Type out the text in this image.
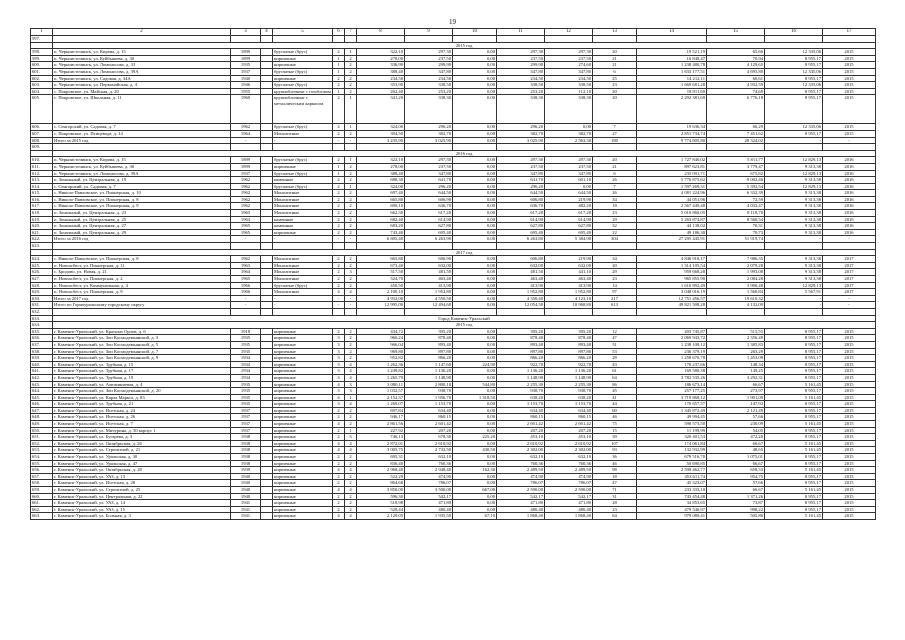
19
1	2	3	4	5	6	7	8	9	10	11	12	13	14	15	16	17
597.																
	2015 год															
598.	п. Черноисточинск, ул. Кирова, д. 15	1899		брусчатые (брус)	2	1	322,10	297,30	0,00	297,30	297,30	20	19 521,19	65,66	12 335,06	2015
599.	п. Черноисточинск, ул. Куйбышева, д. 30	1899		кирпичные	1	2	278,00	237,50	0,00	237,50	237,50	21	16 848,47	70,94	8 955,17	2015
600.	п. Черноисточинск, ул. Ломоносова, д. 33	1935		кирпичные	1	2	336,90	299,90	0,00	299,90	274,60	21	1 238 480,78	4 129,65	8 955,17	2015
601.	п. Черноисточинск, ул. Ломоносова, д. 39А	1937		брусчатые (брус)	1	2	388,40	347,80	0,00	347,80	347,80	6	1 633 177,51	4 695,80	12 335,06	2015
602.	п. Черноисточинск, ул. Садовая, д. 34А	1940		кирпичные	2	2	234,50	234,50	0,00	234,50	234,50	25	14 212,11	60,61	8 955,17	2015
603.	п. Черноисточинск, ул. Первомайская, д. 4	1946		брусчатые (брус)	2	2	353,90	338,50	0,00	338,50	338,50	23	1 669 681,28	4 932,59	12 335,06	2015
604.	с. Покровское, ул. Майская, д. 20	1955		крупноблочные с газоблоком	1	2	262,40	253,20	0,00	253,20	112,10	20	18 911,69	74,69	8 955,17	2015
605.	с. Покровское, ул. Школьная, д. 11	1960		крупноблочные с металлическим каркасом	2	1	341,20	338,30	0,00	338,30	338,30	20	2 292 381,69	6 776,18	8 955,17	2015
606.	с. Сенгорский, ул. Садовая, д. 7	1962		брусчатые (брус)	2	1	324,00	296,20	0,00	296,20	0,00	7	19 636,34	66,29	12 335,06	2015
607.	с. Покровское, ул. Птицевода, д. 14	1964		Монолитные	2	2	394,50	382,70	0,00	382,70	382,70	27	2 851 734,74	7 451,62	8 955,17	2015
608.	Итого за 2015 год	-		-	-	-	3 235,90	3 025,90	0,00	3 025,90	2 563,30	180	9 774 605,80	28 324,02	-	-
609.																
	2016 год															
610.	п. Черноисточинск, ул. Кирова, д. 15	1899		брусчатые (брус)	2	1	322,10	297,30	0,00	297,30	297,30	20	1 727 840,02	5 811,77	12 829,13	2016
611.	п. Черноисточинск, ул. Куйбышева, д. 30	1899		кирпичные	1	2	278,00	237,50	0,00	237,50	237,50	21	897 623,81	3 779,47	9 313,38	2016
612.	п. Черноисточинск, ул. Ломоносова, д. 39А	1937		брусчатые (брус)	1	2	388,40	347,80	0,00	347,80	347,80	6	235 091,71	675,82	12 829,13	2016
613.	п. Зональный, ул. Центральная, д. 19	1962		каменные	2	2	688,30	641,70	0,00	641,70	601,10	26	5 776 875,62	9 002,46	9 313,38	2016
614.	с. Сенгорский, ул. Садовая, д. 7	1962		брусчатые (брус)	2	1	324,00	296,20	0,00	296,20	0,00	7	1 597 269,31	5 392,54	12 829,13	2016
615.	с. Николо-Павловское, ул. Пионерская, д. 10	1962		Монолитные	2	2	697,40	644,50	0,00	644,50	644,50	26	4 081 224,96	6 332,39	9 313,38	2016
616.	с. Николо-Павловское, ул. Пионерская, д. 8	1962		Монолитные	2	2	665,80	606,90	0,00	606,80	219,90	34	44 051,96	72,59	9 313,38	2016
617.	с. Николо-Павловское, ул. Пионерская, д. 9	1962		Монолитные	2	2	690,10	636,70	0,00	636,70	482,20	18	2 567 449,48	4 032,47	9 313,38	2016
618.	п. Зональный, ул. Центральная, д. 23	1963		Монолитные	2	2	662,30	617,20	0,00	617,20	617,20	23	5 010 860,05	8 118,70	9 313,38	2016
619.	п. Зональный, ул. Центральная, д. 25	1964		каменные	2	2	682,40	614,90	0,00	614,90	614,90	29	5 263 874,87	8 560,54	9 313,38	2016
620.	п. Зональный, ул. Центральная, д. 27	1965		каменные	2	2	683,20	627,80	0,00	627,80	627,80	32	44 138,02	70,31	9 313,38	2016
621.	п. Зональный, ул. Центральная, д. 29	1965		кирпичные	2	2	743,40	695,40	0,00	695,40	695,40	22	49 186,30	70,73	9 313,38	2016
622.	Итого за 2016 год	-		-	-	-	6 805,40	6 263,90	0,00	6 263,80	5 384,90	304	27 295 445,91	51 919,74	-	-
623.																
	2017 год															
624.	с. Николо-Павловское, ул. Пионерская, д. 8	1962		Монолитные	2	2	665,80	606,90	0,00	606,80	219,90	34	4 846 918,17	7 986,35	9 313,38	2017
625.	п. Новоасбест, ул. Пионерская, д. 11	1963		Монолитные	2	2	673,40	632,00	0,00	632,00	632,00	20	1 314 105,54	2 079,28	9 313,38	2017
626.	с. Бродово, ул. Новая, д. 21	1964		Монолитные	2	3	517,50	481,50	0,00	481,50	441,10	29	959 668,28	1 993,08	9 313,38	2017
627.	п. Новоасбест, ул. Пионерская, д. 2	1965		Монолитные	2	2	524,70	463,40	0,00	463,40	463,40	23	965 855,90	2 084,28	9 313,38	2017
628.	п. Новоасбест, ул. Коммунальная, д. 4	1966		брусчатые (брус)	2	2	450,50	413,90	0,00	413,90	413,90	14	1 616 892,49	3 906,48	12 829,13	2017
629.	п. Новоасбест, ул. Пионерская, д. 9	1966		Монолитные	4	4	2 100,10	1 952,80	0,00	1 952,80	1 952,80	97	3 048 016,19	1 560,84	5 567,91	2017
630.	Итого за 2017 год	-		-	-	-	4 932,00	4 550,50	0,00	4 550,40	4 123,10	217	12 751 456,57	19 610,32	-	-
631.	Итого по Горноуральскому городскому округу	-		-	-	-	12 995,00	12 494,60	0,00	12 054,50	10 968,80	613	49 821 508,28	4 132,09	-	-
632.																
633.	Город Каменск-Уральский															
634.	2015 год															
635.	г. Каменск-Уральский, ул. Красных Орлов, д. 6	1918		кирпичные	2	2	434,72	395,20	0,00	395,20	395,20	12	203 745,87	515,55	8 955,17	2015
636.	г. Каменск-Уральский, ул. Зои Космодемьянской, д. 3	1935		кирпичные	3	2	966,24	878,40	0,00	878,40	878,40	47	2 069 943,72	2 356,49	8 955,17	2015
637.	г. Каменск-Уральский, ул. Зои Космодемьянской, д. 5	1935		кирпичные	3	2	966,04	893,40	0,00	893,40	893,40	51	1 238 108,12	1 385,83	8 955,17	2015
638.	г. Каменск-Уральский, ул. Зои Космодемьянской, д. 7	1935		кирпичные	3	2	969,80	897,80	0,00	897,80	897,80	53	236 379,19	263,29	8 955,17	2015
639.	г. Каменск-Уральский, ул. Зои Космодемьянской, д. 9	1934		кирпичные	3	2	952,82	866,20	0,00	866,20	866,20	28	1 258 670,78	1 453,09	8 955,17	2015
640.	г. Каменск-Уральский, ул. Трубная, д. 15	1934		кирпичные	3	4	1 262,36	1 147,60	224,90	922,70	922,70	43	170 237,66	148,34	8 955,17	2015
641.	г. Каменск-Уральский, ул. Трубная, д. 17	1934		кирпичные	3	4	1 249,82	1 136,20	0,00	1 136,20	1 136,20	61	169 580,38	149,25	8 955,17	2015
642.	г. Каменск-Уральский, ул. Трубная, д. 19	1934		кирпичные	3	4	1 265,79	1 148,90	0,00	1 148,90	1 148,90	64	3 782 535,26	3 292,31	8 955,17	2015
643.	г. Каменск-Уральский, ул. Алюминиевая, д. 4	1935		кирпичные	4	3	3 080,11	2 800,10	544,80	2 255,30	2 255,30	86	186 673,14	66,67	5 161,45	2015
644.	г. Каменск-Уральский, ул. Зои Космодемьянской, д. 20	1935		кирпичные	3	3	1 032,57	938,70	0,00	938,70	938,70	45	257 177,25	273,97	8 955,17	2015
645.	г. Каменск-Уральский, ул. Карла Маркса, д. 83	1935		кирпичные	4	1	2 152,37	1 956,70	1 318,50	638,20	638,20	41	3 719 868,12	1 901,09	5 161,45	2015
646.	г. Каменск-Уральский, ул. Трубная, д. 21	1935		кирпичные	3	4	1 269,07	1 153,70	0,00	1 153,70	1 153,70	44	170 657,57	147,92	8 955,17	2015
647.	г. Каменск-Уральский, ул. Исетская, д. 24	1937		кирпичные	2	2	697,84	634,40	0,00	634,40	634,40	60	1 345 872,49	2 121,49	8 955,17	2015
648.	г. Каменск-Уральский, ул. Исетская, д. 26	1937		кирпичные	2	2	946,17	860,15	0,00	860,15	860,15	46	49 994,45	57,66	8 955,17	2015
649.	г. Каменск-Уральский, ул. Исетская, д. 7	1937		кирпичные	4	2	2 861,56	2 601,42	0,00	2 601,42	2 601,42	75	598 573,50	230,09	5 161,45	2015
650.	г. Каменск-Уральский, ул. Мичурина, д. 30 корпус 1	1937		кирпичные	2	1	227,92	207,20	0,00	207,20	207,20	15	11 199,99	54,05	8 955,17	2015
651.	г. Каменск-Уральский, ул. Бугарева, д. 3	1938		кирпичные	2	3	746,13	678,30	225,20	453,10	453,10	39	320 401,53	472,20	8 955,17	2015
652.	г. Каменск-Уральский, ул. Октябрьская, д. 26	1938		кирпичные	4	4	2 872,01	2 610,92	0,00	2 610,92	2 610,92	107	174 061,84	66,67	5 161,45	2015
653.	г. Каменск-Уральский, ул. Строителей, д. 21	1938		кирпичные	4	4	3 005,75	2 732,50	430,50	2 302,00	2 302,00	93	132 932,99	48,65	5 161,45	2015
654.	г. Каменск-Уральский, ул. Уральская, д. 30	1938		кирпичные	2	2	695,31	632,10	0,00	632,10	632,10	36	679 516,70	1 075,01	8 955,17	2015
655.	г. Каменск-Уральский, ул. Уральская, д. 47	1938		кирпичные	2	2	836,40	760,36	0,00	760,36	760,36	46	50 690,85	66,67	8 955,17	2015
656.	г. Каменск-Уральский, ул. Октябрьская, д. 28	1939		кирпичные	4	4	2 968,40	2 948,40	162,30	2 489,50	2 489,50	98	2 598 462,77	658,33	5 161,45	2015
657.	г. Каменск-Уральский, ул. УАЗ, д. 13	1940		кирпичные	2	2	522,29	474,90	0,00	474,90	474,90	18	453 611,74	954,75	8 955,17	2015
658.	г. Каменск-Уральский, ул. Исетская, д. 28	1940		кирпичные	2	2	864,68	786,07	0,00	786,07	786,07	47	45 323,07	57,66	8 955,17	2015
659.	г. Каменск-Уральский, ул. Строителей, д. 25	1940		кирпичные	4	4	3 850,00	3 500,00	667,00	2 590,00	2 590,00	71	233 333,10	66,67	5 161,45	2015
660.	г. Каменск-Уральский, ул. Центральная, д. 22	1940		кирпичные	2	2	596,30	542,17	0,00	542,17	542,17	31	743 454,48	1 371,26	8 955,17	2015
661.	г. Каменск-Уральский, ул. УАЗ, д. 14	1941		кирпичные	2	2	518,98	471,80	0,00	471,80	471,80	28	34 853,65	73,87	8 955,17	2015
662.	г. Каменск-Уральский, ул. УАЗ, д. 15	1941		кирпичные	2	2	528,44	480,40	0,00	480,40	480,40	23	479 546,97	998,22	8 955,17	2015
663.	г. Каменск-Уральский, ул. Больная, д. 3	1941		кирпичные	4	4	2 129,05	1 935,50	67,10	1 868,40	1 868,40	64	979 089,41	505,86	5 161,45	2015
